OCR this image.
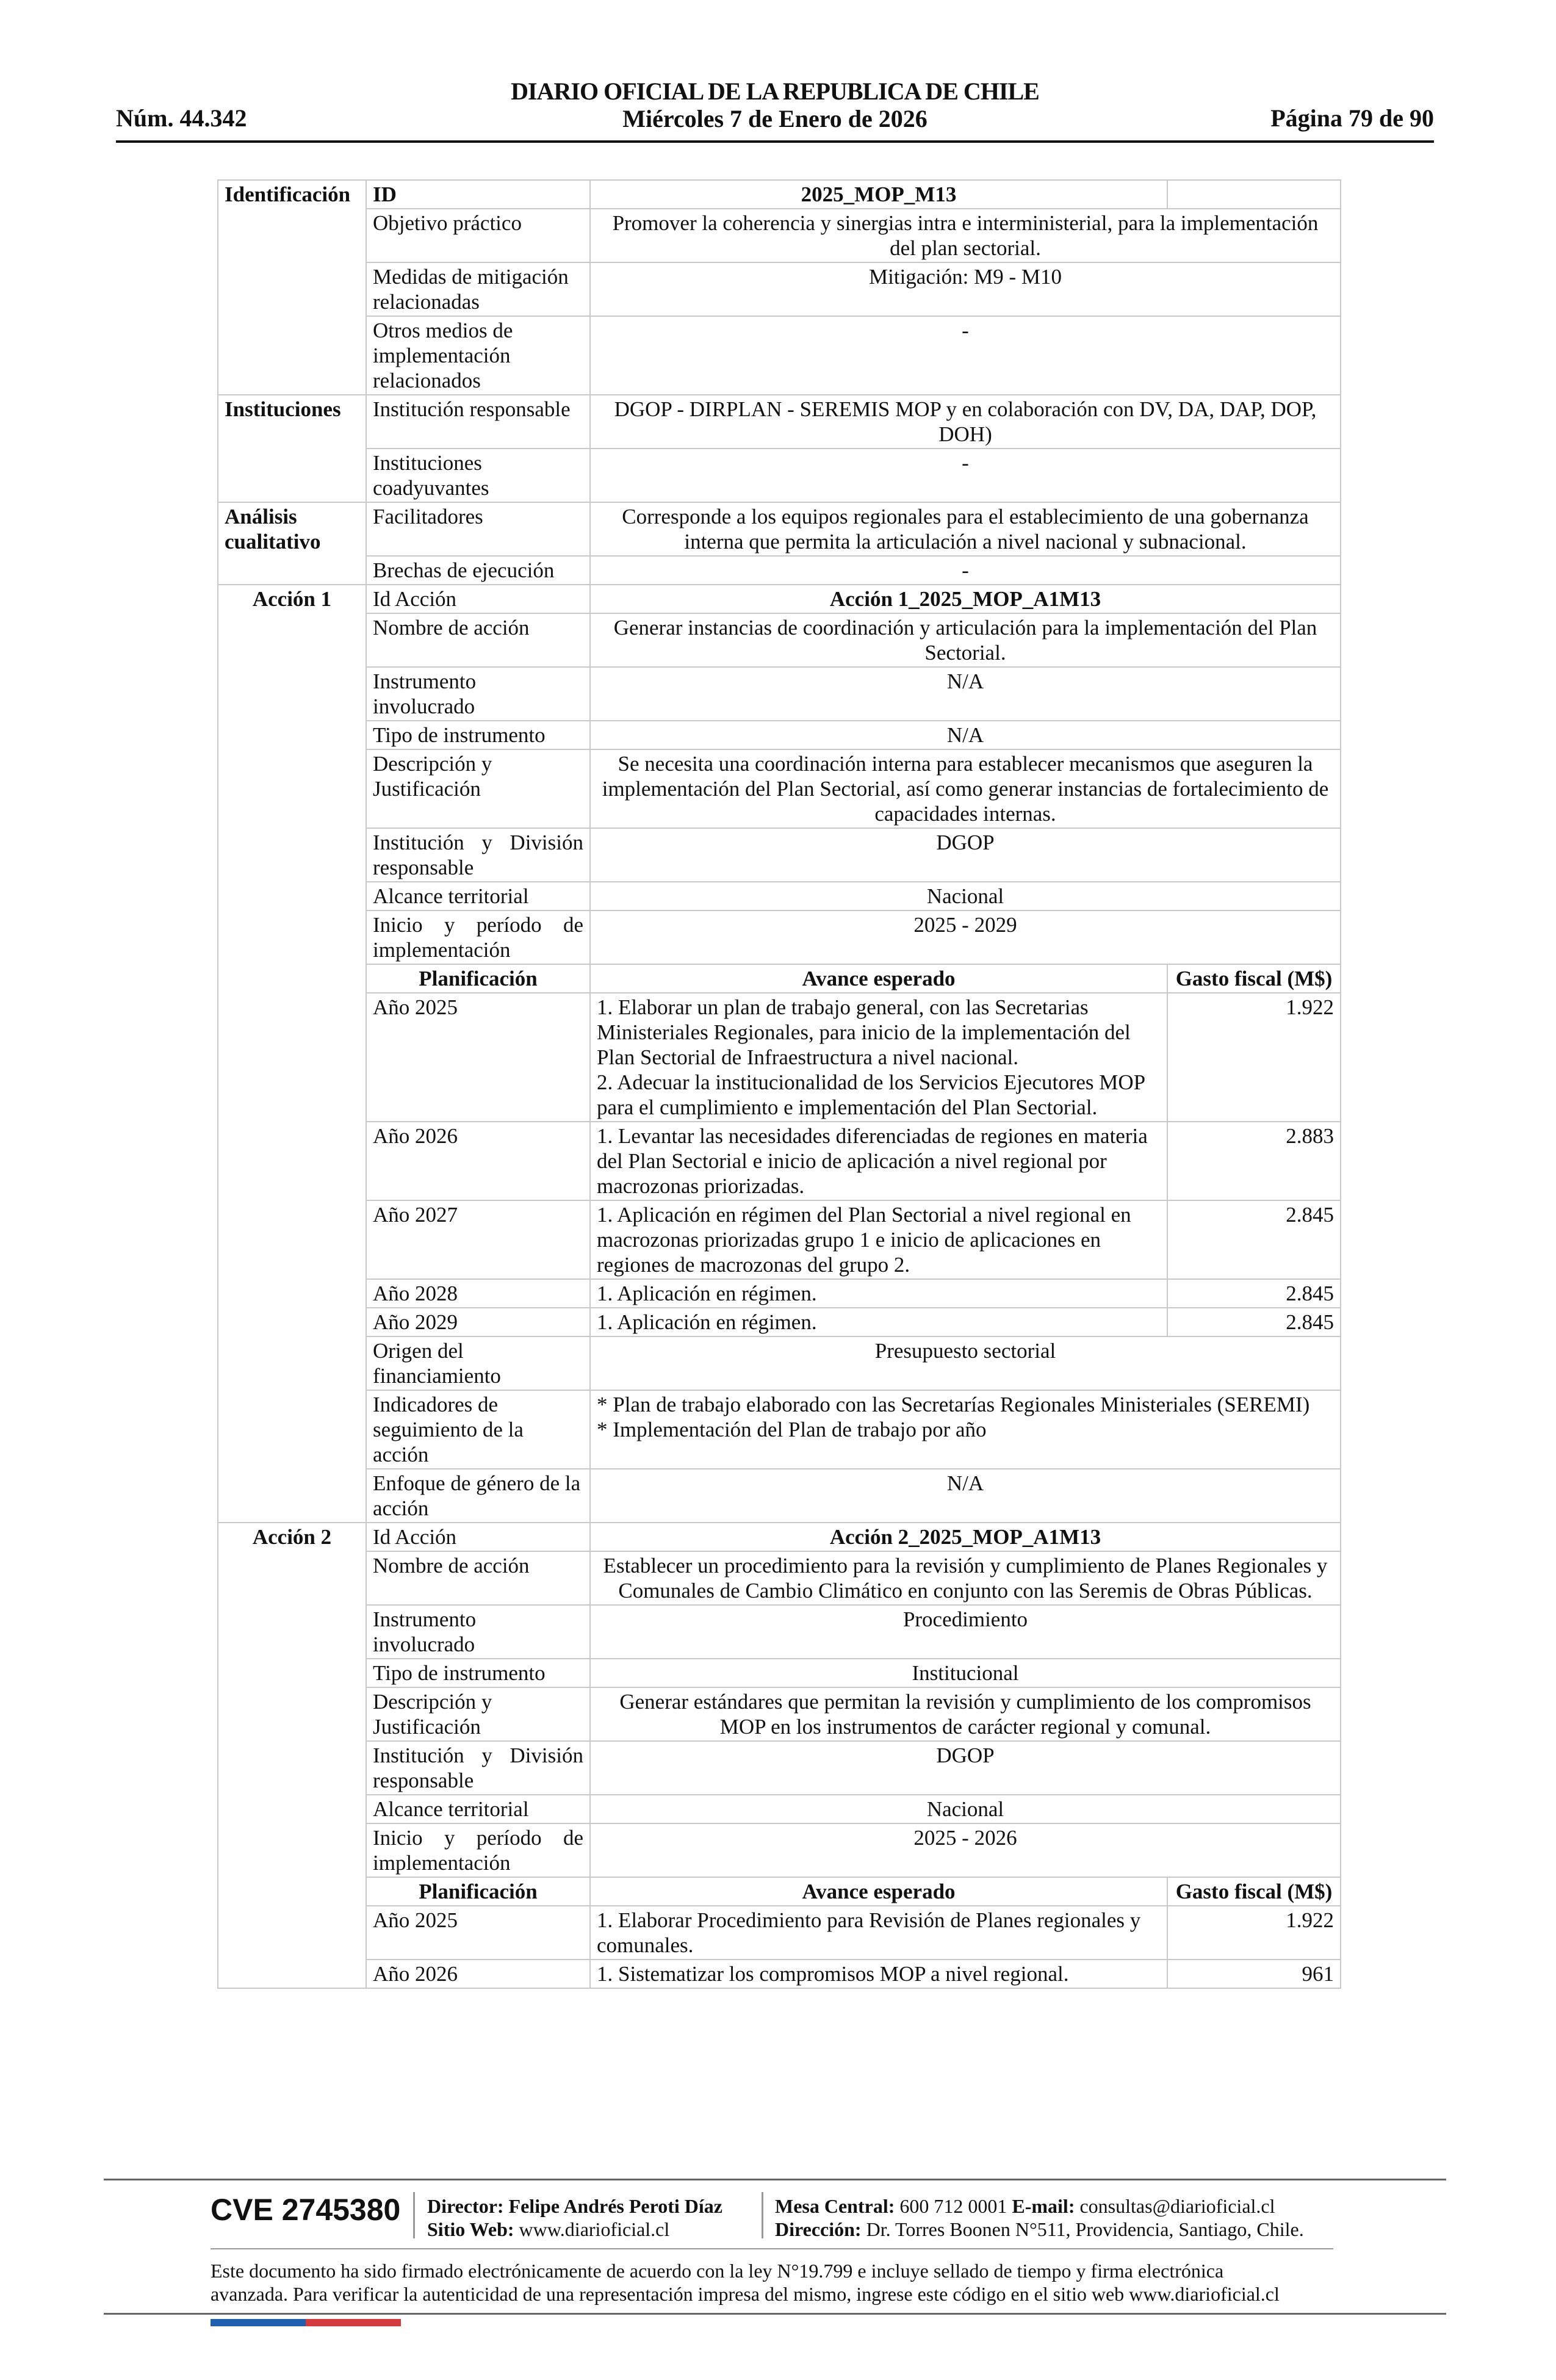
Núm. 44.342
DIARIO OFICIAL DE LA REPUBLICA DE CHILE
Miércoles 7 de Enero de 2026	Página 79 de 90
Identificación	ID	2025_MOP_M13	
	Objetivo práctico	Promover la coherencia y sinergias intra e interministerial, para la implementación del plan sectorial.	
	Medidas de mitigación relacionadas	Mitigación: M9 - M10	
	Otros medios de implementación relacionados	-	
Instituciones	Institución responsable	DGOP - DIRPLAN - SEREMIS MOP y en colaboración con DV, DA, DAP, DOP, DOH)	
	Instituciones coadyuvantes	-	
Análisis cualitativo	Facilitadores	Corresponde a los equipos regionales para el establecimiento de una gobernanza interna que permita la articulación a nivel nacional y subnacional.	
	Brechas de ejecución	-	
Acción 1	Id Acción	Acción 1_2025_MOP_A1M13	
	Nombre de acción	Generar instancias de coordinación y articulación para la implementación del Plan Sectorial.	
	Instrumento involucrado	N/A	
	Tipo de instrumento	N/A	
	Descripción y Justificación	Se necesita una coordinación interna para establecer mecanismos que aseguren la implementación del Plan Sectorial, así como generar instancias de fortalecimiento de capacidades internas.	
	Institución y División responsable	DGOP	
	Alcance territorial	Nacional	
	Inicio y período de implementación	2025 - 2029	
	Planificación	Avance esperado	Gasto fiscal (M$)
	Año 2025	1. Elaborar un plan de trabajo general, con las Secretarias Ministeriales Regionales, para inicio de la implementación del Plan Sectorial de Infraestructura a nivel nacional.
2. Adecuar la institucionalidad de los Servicios Ejecutores MOP para el cumplimiento e implementación del Plan Sectorial.	1.922
	Año 2026	1. Levantar las necesidades diferenciadas de regiones en materia del Plan Sectorial e inicio de aplicación a nivel regional por macrozonas priorizadas.	2.883
	Año 2027	1. Aplicación en régimen del Plan Sectorial a nivel regional en macrozonas priorizadas grupo 1 e inicio de aplicaciones en regiones de macrozonas del grupo 2.	2.845
	Año 2028	1. Aplicación en régimen.	2.845
	Año 2029	1. Aplicación en régimen.	2.845
	Origen del financiamiento	Presupuesto sectorial	
	Indicadores de seguimiento de la acción	* Plan de trabajo elaborado con las Secretarías Regionales Ministeriales (SEREMI)
* Implementación del Plan de trabajo por año	

	Enfoque de género de la acción	N/A	
Acción 2	Id Acción	Acción 2_2025_MOP_A1M13	
	Nombre de acción	Establecer un procedimiento para la revisión y cumplimiento de Planes Regionales y Comunales de Cambio Climático en conjunto con las Seremis de Obras Públicas.	
	Instrumento involucrado	Procedimiento	
	Tipo de instrumento	Institucional	
	Descripción y Justificación	Generar estándares que permitan la revisión y cumplimiento de los compromisos MOP en los instrumentos de carácter regional y comunal.	
	Institución y División responsable	DGOP	
	Alcance territorial	Nacional	
	Inicio y período de implementación	2025 - 2026	
	Planificación	Avance esperado	Gasto fiscal (M$)
	Año 2025	1. Elaborar Procedimiento para Revisión de Planes regionales y comunales.	1.922
	Año 2026	1. Sistematizar los compromisos MOP a nivel regional.	961
CVE 2745380 Director: Felipe Andrés Peroti Díaz
Sitio Web: www.diarioficial.cl
Mesa Central: 600 712 0001 E-mail: consultas@diarioficial.cl
Dirección: Dr. Torres Boonen N°511, Providencia, Santiago, Chile.
Este documento ha sido firmado electrónicamente de acuerdo con la ley N°19.799 e incluye sellado de tiempo y firma electrónica
avanzada. Para verificar la autenticidad de una representación impresa del mismo, ingrese este código en el sitio web www.diarioficial.cl
